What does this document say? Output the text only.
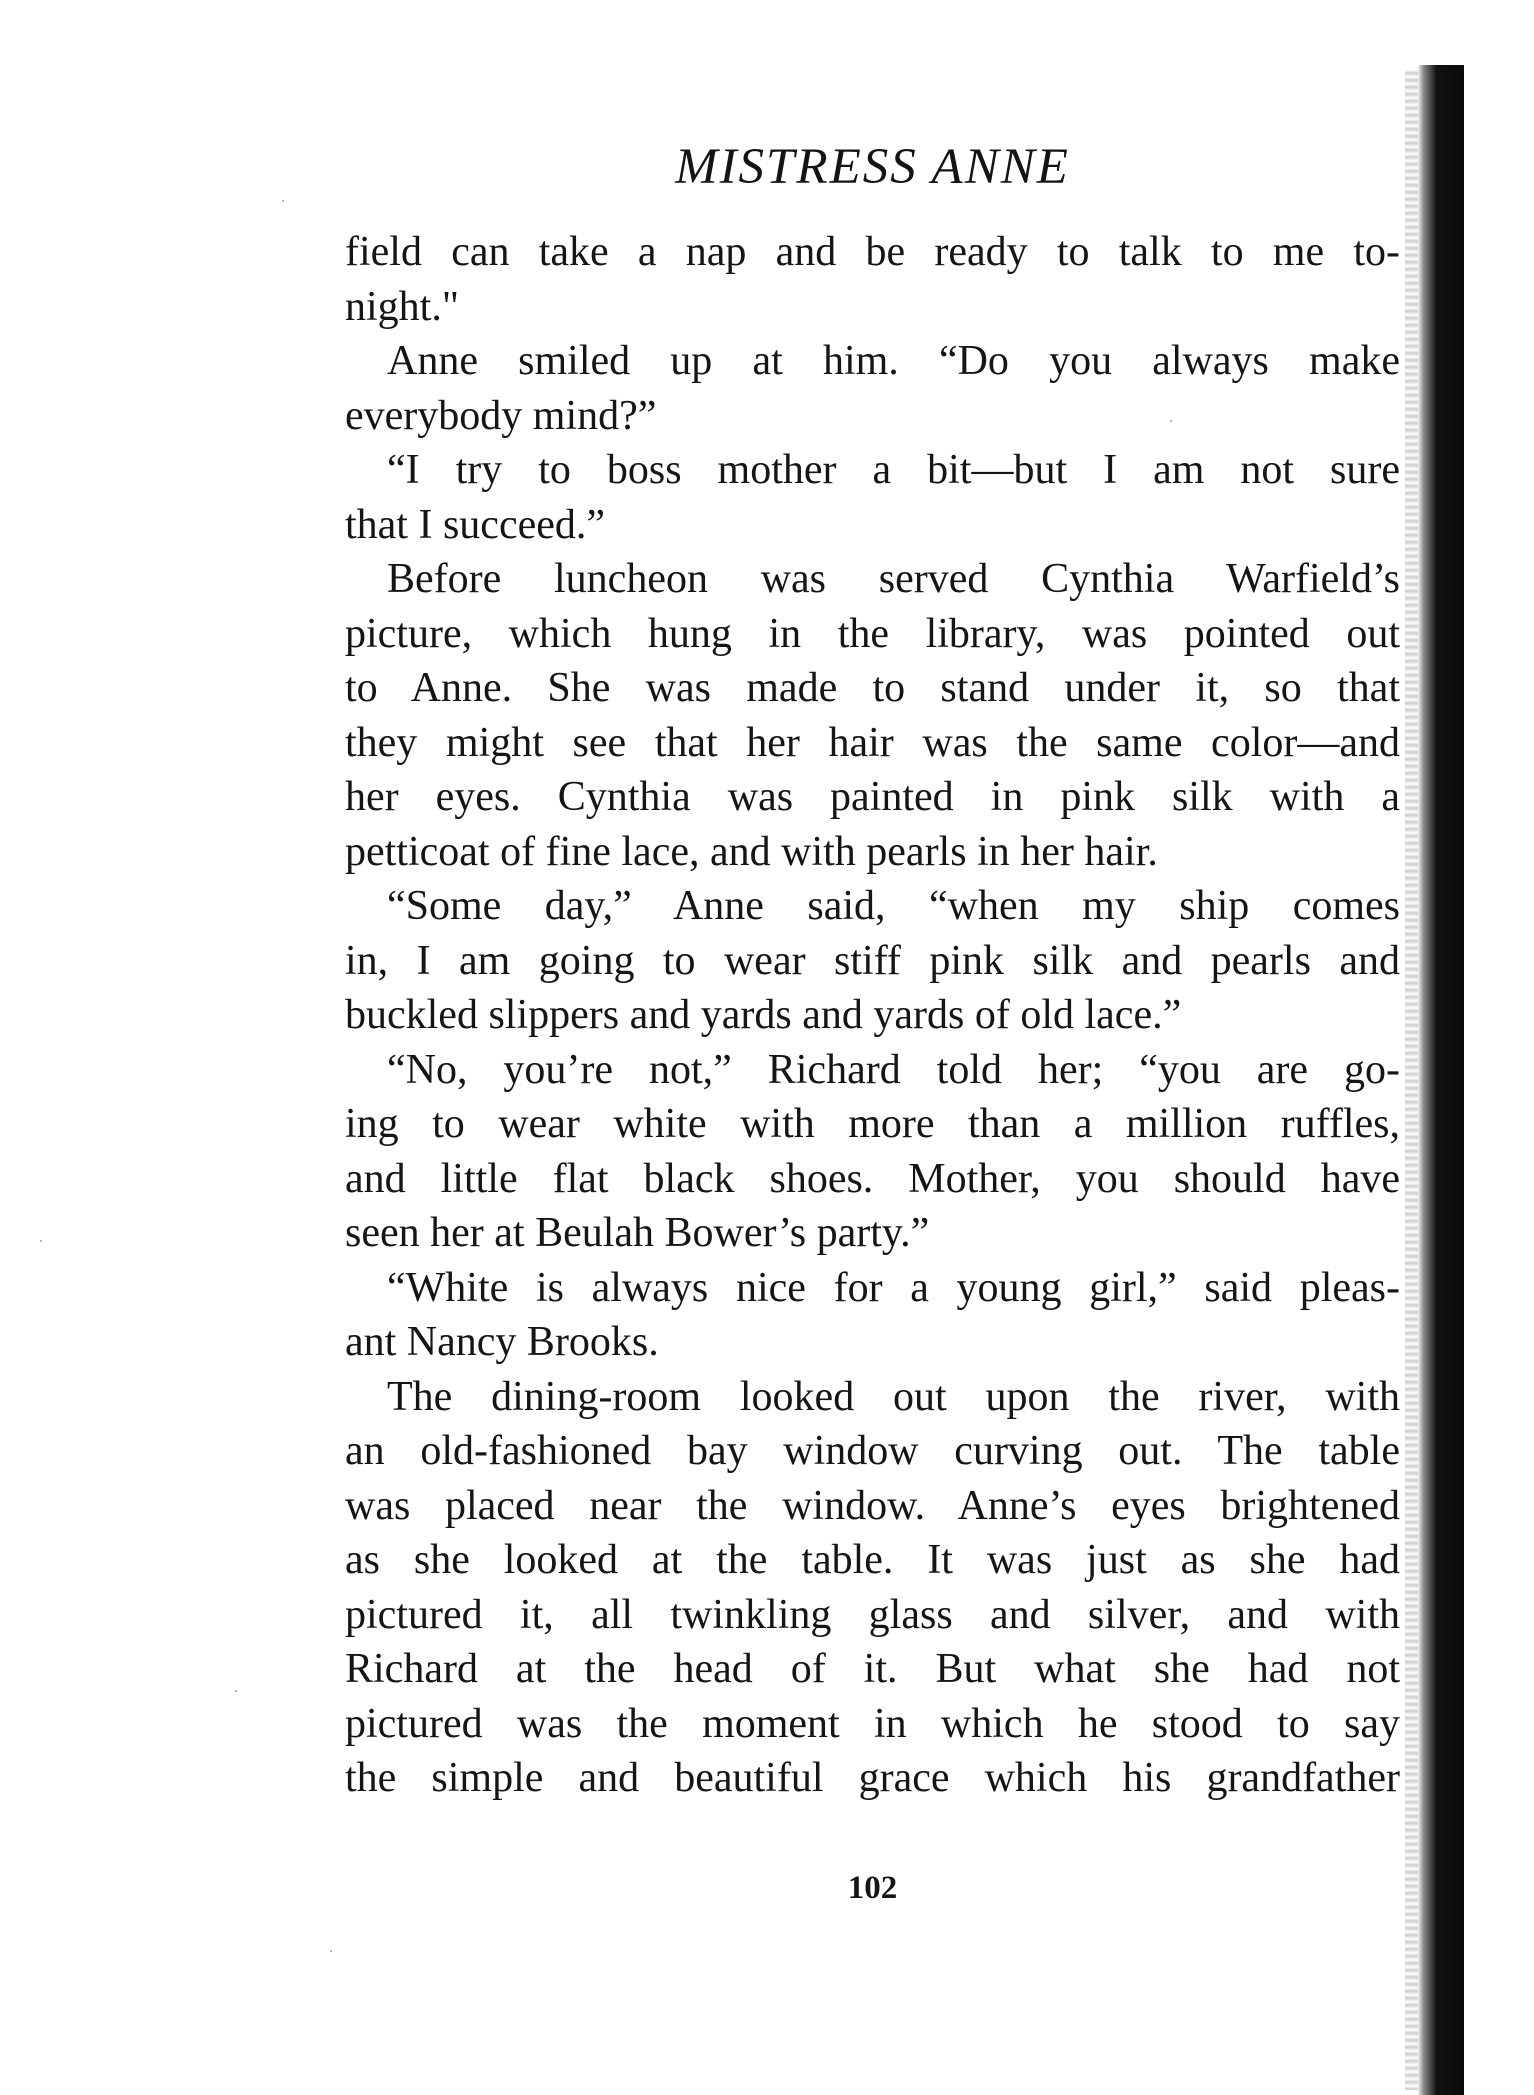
MISTRESS ANNE
field can take a nap and be ready to talk to me to-
night."
Anne smiled up at him. “Do you always make
everybody mind?”
“I try to boss mother a bit—but I am not sure
that I succeed.”
Before luncheon was served Cynthia Warfield’s
picture, which hung in the library, was pointed out
to Anne. She was made to stand under it, so that
they might see that her hair was the same color—and
her eyes. Cynthia was painted in pink silk with a
petticoat of fine lace, and with pearls in her hair.
“Some day,” Anne said, “when my ship comes
in, I am going to wear stiff pink silk and pearls and
buckled slippers and yards and yards of old lace.”
“No, you’re not,” Richard told her; “you are go-
ing to wear white with more than a million ruffles,
and little flat black shoes. Mother, you should have
seen her at Beulah Bower’s party.”
“White is always nice for a young girl,” said pleas-
ant Nancy Brooks.
The dining-room looked out upon the river, with
an old-fashioned bay window curving out. The table
was placed near the window. Anne’s eyes brightened
as she looked at the table. It was just as she had
pictured it, all twinkling glass and silver, and with
Richard at the head of it. But what she had not
pictured was the moment in which he stood to say
the simple and beautiful grace which his grandfather
102
